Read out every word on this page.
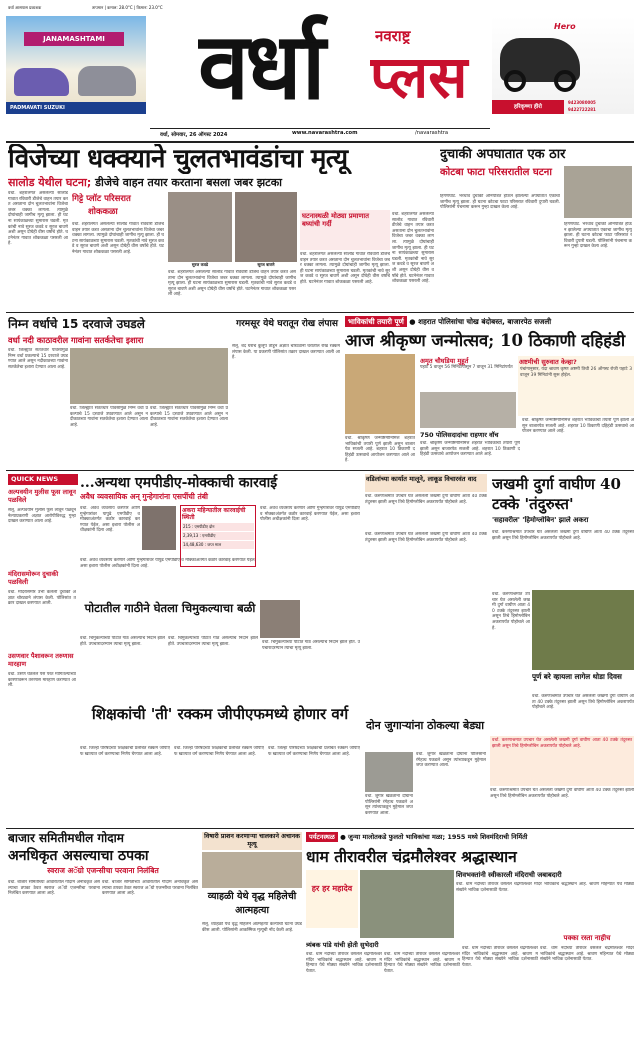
वर्धा आसपास प्रकाशक	तापमान | कमाल: 28.0°C | किमान: 23.0°C
JANAMASHTAMI
PADMAVATI SUZUKI	वर्धा	नवराष्ट्र
प्लस
Hero
हरिकृष्णा हीरो
9423080005
9422722281
वर्धा, सोमवार, 26 ऑगस्ट 2024	www.navarashtra.com	/navarashtra
विजेच्या धक्क्याने चुलतभावंडांचा मृत्यू
सालोड येथील घटना; डीजेचे वाहन तयार करताना बसला जबर झटका
वर्धा. शहरालगत असलेल्या सालोड गावात रविवारी डीजेचे वाहन तयार करत असताना दोन चुलतभावांना विजेचा जबर धक्का लागला. त्यामुळे दोघांचाही जागीच मृत्यू झाला. ही घटना सायंकाळच्या सुमारास घडली. मृतकांची नावे सुरज कवडे व सूरज बावणे अशी असून दोघेही वीस वर्षांचे होते. घटनेनंतर गावात शोककळा पसरली आहे.
गिट्टे प्लॉट परिसरात
शोककळा
वर्धा. शहरालगत असलेल्या सालोड गावात रविवारी डीजेचे वाहन तयार करत असताना दोन चुलतभावांना विजेचा जबर धक्का लागला. त्यामुळे दोघांचाही जागीच मृत्यू झाला. ही घटना सायंकाळच्या सुमारास घडली. मृतकांची नावे सुरज कवडे व सूरज बावणे अशी असून दोघेही वीस वर्षांचे होते. घटनेनंतर गावात शोककळा पसरली आहे.
सुरज कवडे	सूरज बावणे
वर्धा. शहरालगत असलेल्या सालोड गावात रविवारी डीजेचे वाहन तयार करत असताना दोन चुलतभावांना विजेचा जबर धक्का लागला. त्यामुळे दोघांचाही जागीच मृत्यू झाला. ही घटना सायंकाळच्या सुमारास घडली. मृतकांची नावे सुरज कवडे व सूरज बावणे अशी असून दोघेही वीस वर्षांचे होते. घटनेनंतर गावात शोककळा पसरली आहे.
घटनास्थळी मोठ्या प्रमाणात बघ्यांची गर्दी
वर्धा. शहरालगत असलेल्या सालोड गावात रविवारी डीजेचे वाहन तयार करत असताना दोन चुलतभावांना विजेचा जबर धक्का लागला. त्यामुळे दोघांचाही जागीच मृत्यू झाला. ही घटना सायंकाळच्या सुमारास घडली. मृतकांची नावे सुरज कवडे व सूरज बावणे अशी असून दोघेही वीस वर्षांचे होते. घटनेनंतर गावात शोककळा पसरली आहे.
वर्धा. शहरालगत असलेल्या सालोड गावात रविवारी डीजेचे वाहन तयार करत असताना दोन चुलतभावांना विजेचा जबर धक्का लागला. त्यामुळे दोघांचाही जागीच मृत्यू झाला. ही घटना सायंकाळच्या सुमारास घडली. मृतकांची नावे सुरज कवडे व सूरज बावणे अशी असून दोघेही वीस वर्षांचे होते. घटनेनंतर गावात शोककळा पसरली आहे.
दुचाकी अपघातात एक ठार
कोटबा फाटा परिसरातील घटना
हिंगणघाट. भरधाव दुचाकी अनियंत्रित होऊन झालेल्या अपघातात एकाचा जागीच मृत्यू झाला. ही घटना कोटबा फाटा परिसरात रविवारी दुपारी घडली. पोलिसांनी पंचनामा करून गुन्हा दाखल केला आहे.
हिंगणघाट. भरधाव दुचाकी अनियंत्रित होऊन झालेल्या अपघातात एकाचा जागीच मृत्यू झाला. ही घटना कोटबा फाटा परिसरात रविवारी दुपारी घडली. पोलिसांनी पंचनामा करून गुन्हा दाखल केला आहे.
निम्न वर्धाचे 15 दरवाजे उघडले
वर्धा नदी काठावरील गावांना सतर्कतेचा इशारा
वर्धा. जिल्ह्यात संततधार पावसामुळे निम्न वर्धा प्रकल्पाचे 15 दरवाजे उघडण्यात आले असून नदीकाठच्या गावांना सतर्कतेचा इशारा देण्यात आला आहे.
वर्धा. जिल्ह्यात संततधार पावसामुळे निम्न वर्धा प्रकल्पाचे 15 दरवाजे उघडण्यात आले असून नदीकाठच्या गावांना सतर्कतेचा इशारा देण्यात आला आहे.
वर्धा. जिल्ह्यात संततधार पावसामुळे निम्न वर्धा प्रकल्पाचे 15 दरवाजे उघडण्यात आले असून नदीकाठच्या गावांना सतर्कतेचा इशारा देण्यात आला आहे.
गरमसूर येथे घरातून रोख लंपास
सेलू. बंद घराचे कुलूप तोडून अज्ञात चोरट्यांनी घरातील रोख रक्कम लंपास केली. या प्रकरणी पोलिसांत तक्रार दाखल करण्यात आली आहे.
भाविकांची तयारी पूर्ण ● शहरात पोलिसांचा चोख बंदोबस्त, बाजारपेठ सजली
आज श्रीकृष्ण जन्मोत्सव; 10 ठिकाणी दहिहंडी
अमृत चौघडिया मुहूर्त
पहाटे 5 वाजून 56 मिनिटांपासून 7 वाजून 31 मिनिटांपर्यंत
अष्टमीची सुरुवात केव्हा?
पंचांगानुसार, यंदा श्रावण कृष्ण अष्टमी तिथी 26 ऑगस्ट रोजी पहाटे 3 वाजून 39 मिनिटांनी सुरू होईल.
750 पोलिसदादांचा राहणार वॉच
वर्धा. श्रीकृष्ण जन्माष्टमीनिमित्त शहरात भाविकांची तयारी पूर्ण झाली असून बाजारपेठ सजली आहे. शहरात 10 ठिकाणी दहिहंडी उत्सवाचे आयोजन करण्यात आले आहे.
वर्धा. श्रीकृष्ण जन्माष्टमीनिमित्त शहरात भाविकांची तयारी पूर्ण झाली असून बाजारपेठ सजली आहे. शहरात 10 ठिकाणी दहिहंडी उत्सवाचे आयोजन करण्यात आले आहे.
वर्धा. श्रीकृष्ण जन्माष्टमीनिमित्त शहरात भाविकांची तयारी पूर्ण झाली असून बाजारपेठ सजली आहे. शहरात 10 ठिकाणी दहिहंडी उत्सवाचे आयोजन करण्यात आले आहे.
QUICK NEWS
अल्पवयीन मुलीस फूस लावून पळविले
सेलू. अल्पवयीन मुलीस फूस लावून पळवून नेल्याप्रकरणी अज्ञात आरोपीविरुद्ध गुन्हा दाखल करण्यात आला आहे.
मंदिरासमोरून दुचाकी पळविली
वर्धा. मंदिरासमोर उभी केलेली दुचाकी अज्ञात चोरट्याने लंपास केली. पोलिसांत तक्रार दाखल करण्यात आली.
उसणवार पैशावरून तरुणास मारहाण
वर्धा. उसणे घेतलेले पैसे परत मागितल्याच्या कारणावरून तरुणास मारहाण करण्यात आली.
...अन्यथा एमपीडीए-मोक्काची कारवाई
अवैध व्यवसायिक अन् गुन्हेगारांना एसपींची तंबी
वर्धा. अवैध व्यवसाय करणारे आणि गुन्हेगारांवर यापुढे एमपीडीए व मोक्काअंतर्गत कठोर कारवाई करण्यात येईल, असा इशारा पोलीस अधीक्षकांनी दिला आहे.
अकरा महिन्यातील कारवाईची स्थिती
215 : एमपीडीए दोन
2,39,13 : एमपीडीए
14,48,630 : जप्त माल
वर्धा. अवैध व्यवसाय करणारे आणि गुन्हेगारांवर यापुढे एमपीडीए व मोक्काअंतर्गत कठोर कारवाई करण्यात येईल, असा इशारा पोलीस अधीक्षकांनी दिला आहे.
वर्धा. अवैध व्यवसाय करणारे आणि गुन्हेगारांवर यापुढे एमपीडीए व मोक्काअंतर्गत कठोर कारवाई करण्यात येईल, असा इशारा पोलीस अधीक्षकांनी दिला आहे.
वडिलांच्या कार्यात मालूने, लाकूड विचारवंत वाद
वर्धा. करुणाश्रमात उपचार घेत असलेली जखमी दुर्गा वाघीण आता 40 टक्के तंदुरुस्त झाली असून तिचे हिमोग्लोबिन अकरापर्यंत पोहोचले आहे.
जखमी दुर्गा वाघीण 40 टक्के 'तंदुरुस्त'
'सहावरील' 'हिमोग्लोबिन' झाले अकरा
पोटातील गाठीने घेतला चिमुकल्याचा बळी
वर्धा. चिमुकल्याच्या पोटात गाठ असल्याचे निदान झाले होते. उपचारादरम्यान त्याचा मृत्यू झाला.
वर्धा. चिमुकल्याच्या पोटात गाठ असल्याचे निदान झाले होते. उपचारादरम्यान त्याचा मृत्यू झाला.	वर्धा. चिमुकल्याच्या पोटात गाठ असल्याचे निदान झाले होते. उपचारादरम्यान त्याचा मृत्यू झाला.
शिक्षकांची 'ती' रक्कम जीपीएफमध्ये होणार वर्ग
वर्धा. जिल्हा परिषदेच्या शिक्षकांची प्रलंबित रक्कम जीपीएफ खात्यात वर्ग करण्याचा निर्णय घेण्यात आला आहे.
वर्धा. जिल्हा परिषदेच्या शिक्षकांची प्रलंबित रक्कम जीपीएफ खात्यात वर्ग करण्याचा निर्णय घेण्यात आला आहे.
वर्धा. जिल्हा परिषदेच्या शिक्षकांची प्रलंबित रक्कम जीपीएफ खात्यात वर्ग करण्याचा निर्णय घेण्यात आला आहे.
दोन जुगाऱ्यांना ठोकल्या बेड्या
वर्धा. जुगार खेळताना दोघांना पोलिसांनी रंगेहाथ पकडले असून त्यांच्याकडून मुद्देमाल जप्त करण्यात आला.
वर्धा. जुगार खेळताना दोघांना पोलिसांनी रंगेहाथ पकडले असून त्यांच्याकडून मुद्देमाल जप्त करण्यात आला.
वर्धा. करुणाश्रमात उपचार घेत असलेली जखमी दुर्गा वाघीण आता 40 टक्के तंदुरुस्त झाली असून तिचे हिमोग्लोबिन अकरापर्यंत पोहोचले आहे.
वर्धा. करुणाश्रमात उपचार घेत असलेली जखमी दुर्गा वाघीण आता 40 टक्के तंदुरुस्त झाली असून तिचे हिमोग्लोबिन अकरापर्यंत पोहोचले आहे.
वर्धा. करुणाश्रमात उपचार घेत असलेली जखमी दुर्गा वाघीण आता 40 टक्के तंदुरुस्त झाली असून तिचे हिमोग्लोबिन अकरापर्यंत पोहोचले आहे.
पूर्ण बरे व्हायला लागेल थोडा दिवस
वर्धा. करुणाश्रमात उपचार घेत असलेली जखमी दुर्गा वाघीण आता 40 टक्के तंदुरुस्त झाली असून तिचे हिमोग्लोबिन अकरापर्यंत पोहोचले आहे.
वर्धा. करुणाश्रमात उपचार घेत असलेली जखमी दुर्गा वाघीण आता 40 टक्के तंदुरुस्त झाली असून तिचे हिमोग्लोबिन अकरापर्यंत पोहोचले आहे.
वर्धा. करुणाश्रमात उपचार घेत असलेली जखमी दुर्गा वाघीण आता 40 टक्के तंदुरुस्त झाली असून तिचे हिमोग्लोबिन अकरापर्यंत पोहोचले आहे.
बाजार समितीमधील गोदाम
अनधिकृत असल्याचा ठपका
स्वराज अॅग्रो एजन्सीचा परवाना निलंबित
वर्धा. बाजार समितीच्या आवारातील गोदाम अनधिकृत असल्याचा ठपका ठेवत स्वराज अॅग्रो एजन्सीचा परवाना निलंबित करण्यात आला आहे.
वर्धा. बाजार समितीच्या आवारातील गोदाम अनधिकृत असल्याचा ठपका ठेवत स्वराज अॅग्रो एजन्सीचा परवाना निलंबित करण्यात आला आहे.
विषारी प्राशन करणाऱ्या चालकाने अचानक मृत्यू
व्याहळी येथे वृद्ध महिलेची आत्महत्या
सेलू. व्याहळी येथे वृद्ध महिलेने आत्महत्या केल्याची घटना उघडकीस आली. पोलिसांनी आकस्मिक मृत्यूची नोंद केली आहे.
पर्यटनस्थळ ● जुन्या मालोतकडे फुलतो भाविकांचा मळा; 1955 मध्ये शिवमंदिराची निर्मिती
धाम तीरावरील चंद्रमौलेश्वर श्रद्धास्थान
हर हर महादेव
शिवभक्तांनी स्वीकारली मंदिराची जबाबदारी
वर्धा. धाम नदीच्या तीरावर वसलेले चंद्रमौलेश्वर मंदिर भाविकांचे श्रद्धास्थान आहे. श्रावण महिन्यात येथे मोठ्या संख्येने भाविक दर्शनासाठी येतात.
पक्का रस्ता नाहीच
त्र्यंबक पांडे यांची होती सुभेदारी
वर्धा. धाम नदीच्या तीरावर वसलेले चंद्रमौलेश्वर मंदिर भाविकांचे श्रद्धास्थान आहे. श्रावण महिन्यात येथे मोठ्या संख्येने भाविक दर्शनासाठी येतात.
वर्धा. धाम नदीच्या तीरावर वसलेले चंद्रमौलेश्वर मंदिर भाविकांचे श्रद्धास्थान आहे. श्रावण महिन्यात येथे मोठ्या संख्येने भाविक दर्शनासाठी येतात.
वर्धा. धाम नदीच्या तीरावर वसलेले चंद्रमौलेश्वर मंदिर भाविकांचे श्रद्धास्थान आहे. श्रावण महिन्यात येथे मोठ्या संख्येने भाविक दर्शनासाठी येतात.
वर्धा. धाम नदीच्या तीरावर वसलेले चंद्रमौलेश्वर मंदिर भाविकांचे श्रद्धास्थान आहे. श्रावण महिन्यात येथे मोठ्या संख्येने भाविक दर्शनासाठी येतात.
